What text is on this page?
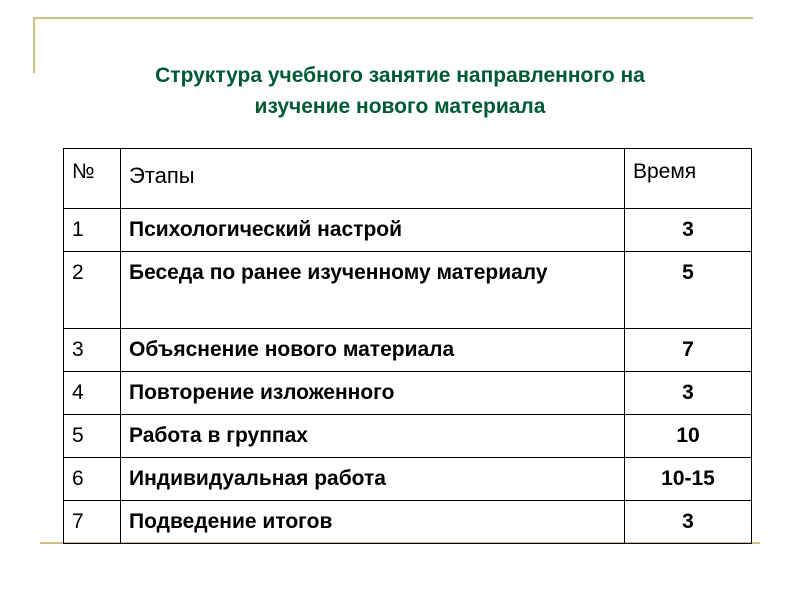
Структура учебного занятие направленного на
изучение нового материала
№	Этапы	Время
1	Психологический настрой	3
2	Беседа по ранее изученному материалу	5
3	Объяснение нового материала	7
4	Повторение изложенного	3
5	Работа в группах	10
6	Индивидуальная работа	10-15
7	Подведение итогов	3
